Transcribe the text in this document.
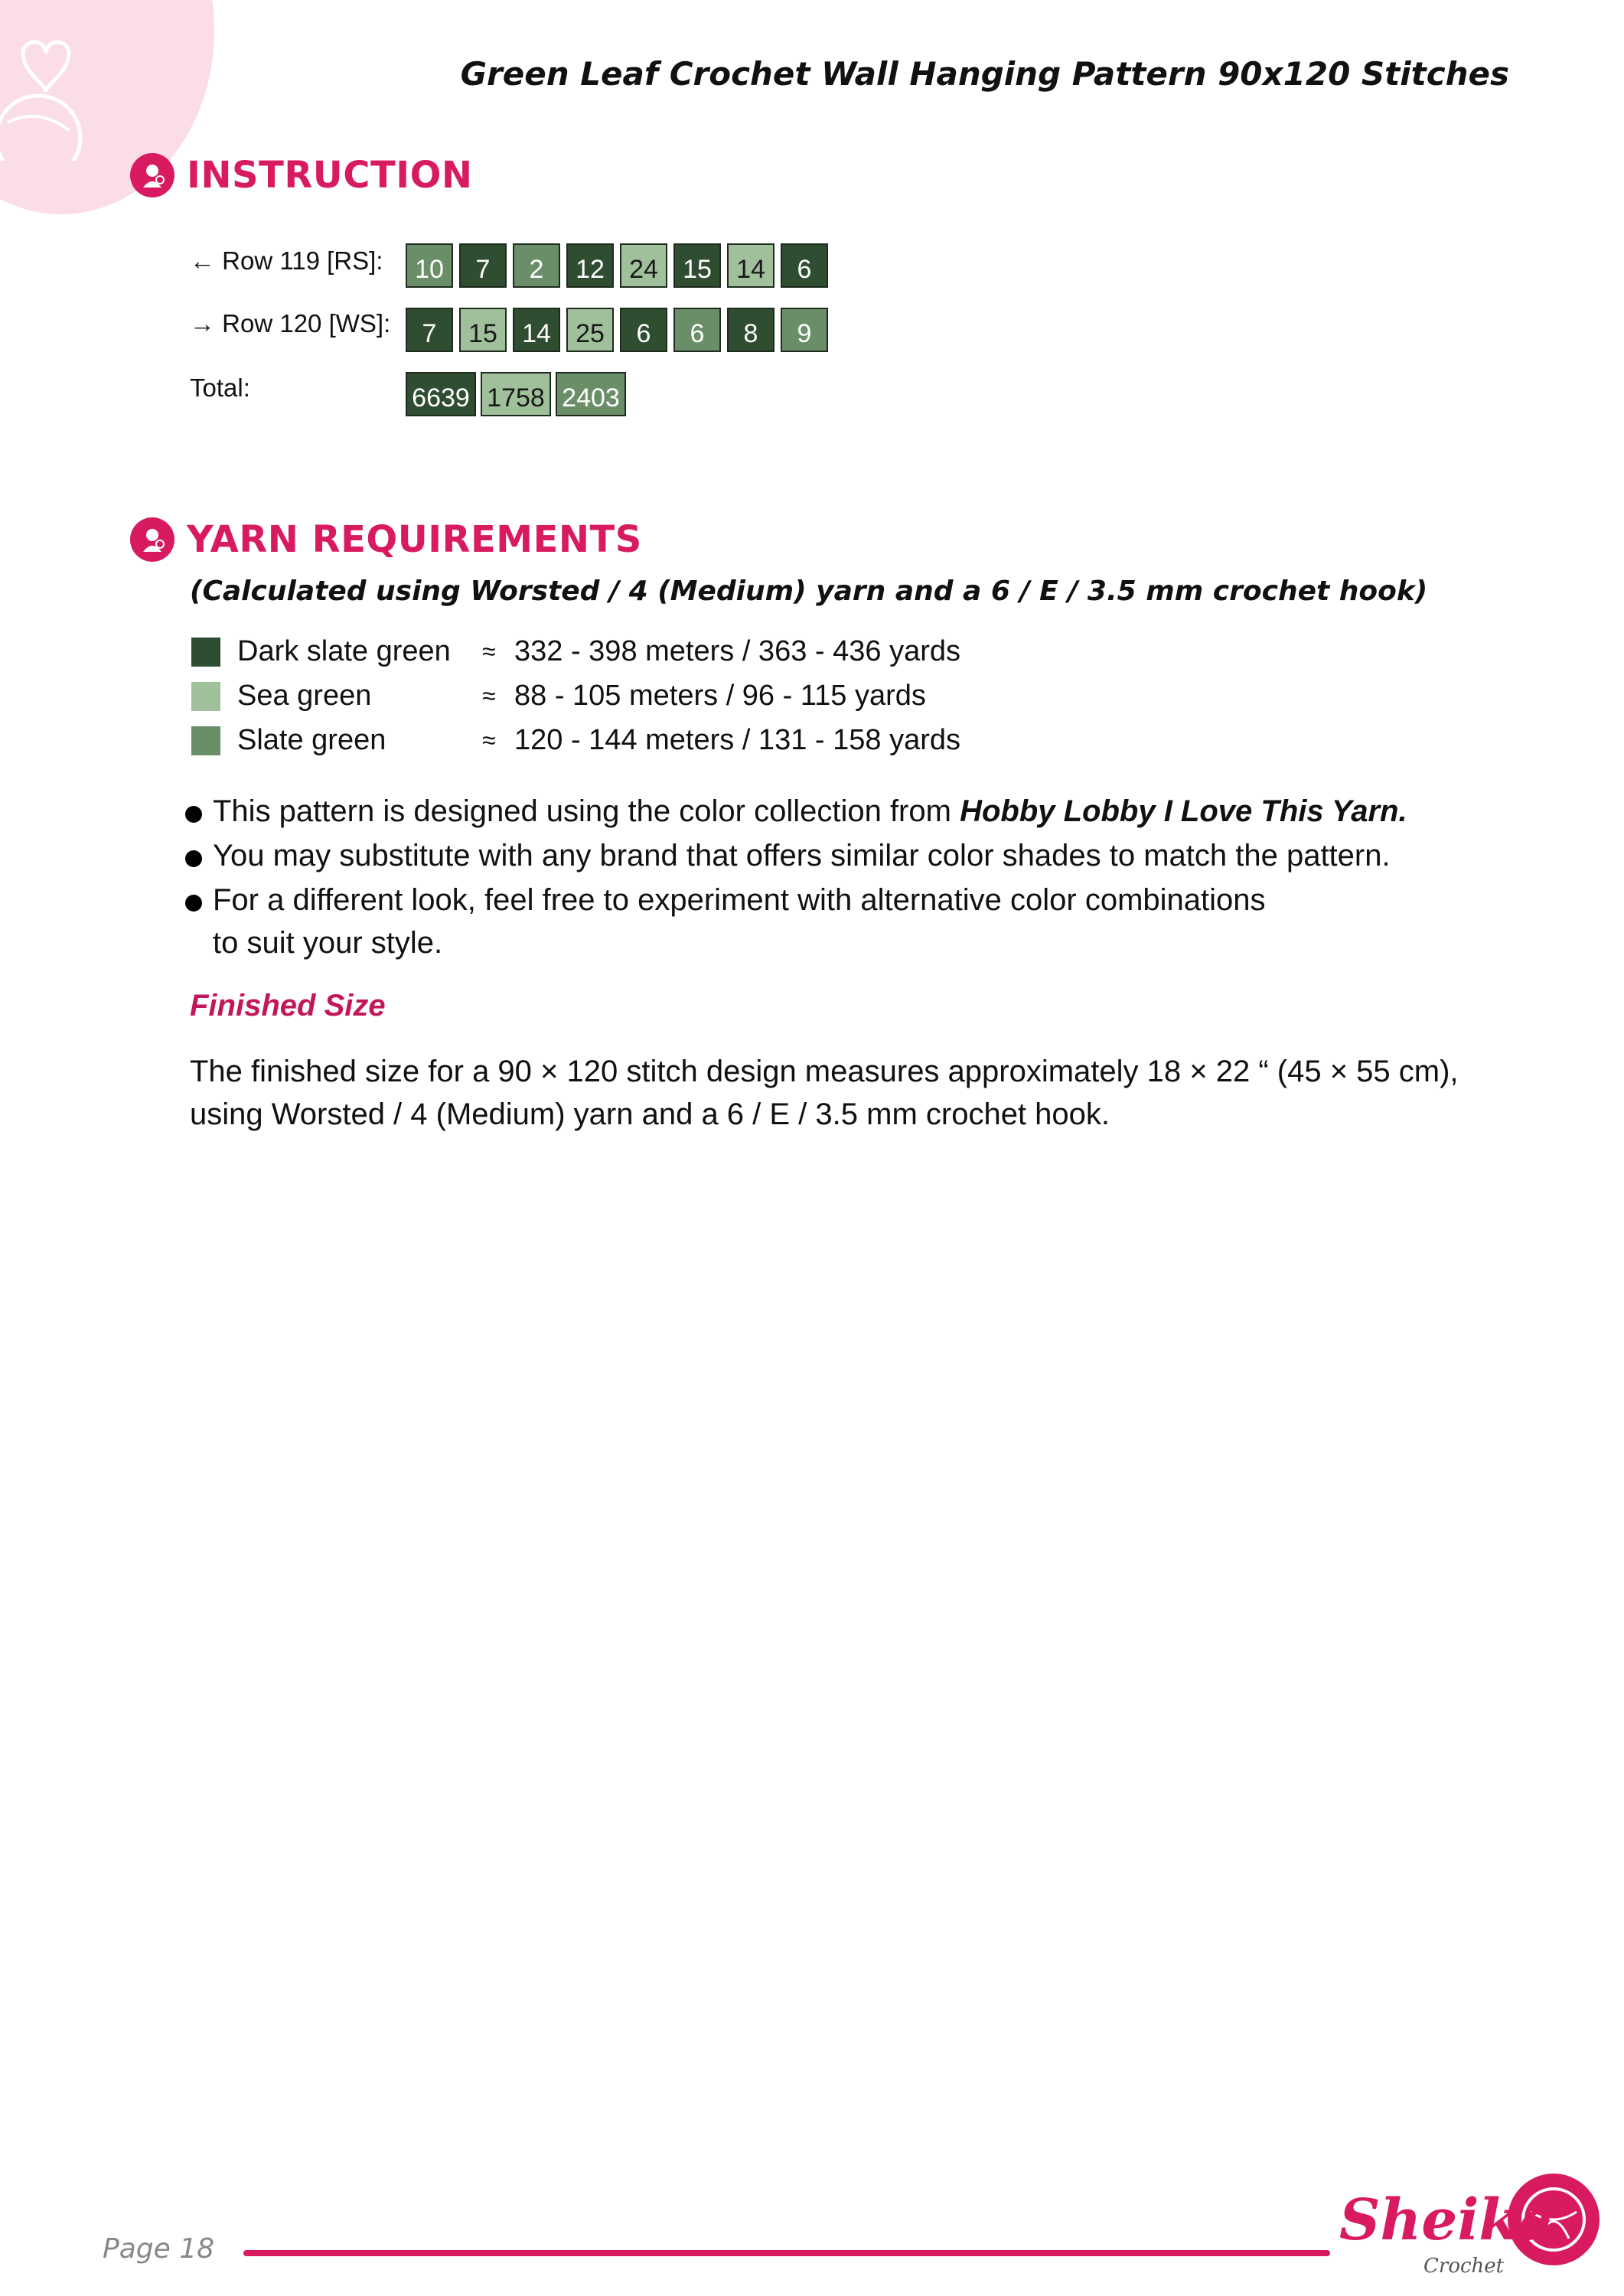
Green Leaf Crochet Wall Hanging Pattern 90x120 Stitches
INSTRUCTION
← Row 119 [RS]:	10	7	2	12 24 15 14	6
→ Row 120 [WS]:	7	15 14 25	6	6	8	9
Total:	6639 1758 2403
YARN REQUIREMENTS
(Calculated using Worsted / 4 (Medium) yarn and a 6 / E / 3.5 mm crochet hook)
Dark slate green	≈ 332 - 398 meters / 363 - 436 yards
Sea green	≈ 88 - 105 meters / 96 - 115 yards
Slate green	≈ 120 - 144 meters / 131 - 158 yards
This pattern is designed using the color collection from Hobby Lobby I Love This Yarn.
You may substitute with any brand that offers similar color shades to match the pattern.
For a different look, feel free to experiment with alternative color combinations
to suit your style.
Finished Size
The finished size for a 90 × 120 stitch design measures approximately 18 × 22 “ (45 × 55 cm),
using Worsted / 4 (Medium) yarn and a 6 / E / 3.5 mm crochet hook.
Page 18	Sheika
Crochet
